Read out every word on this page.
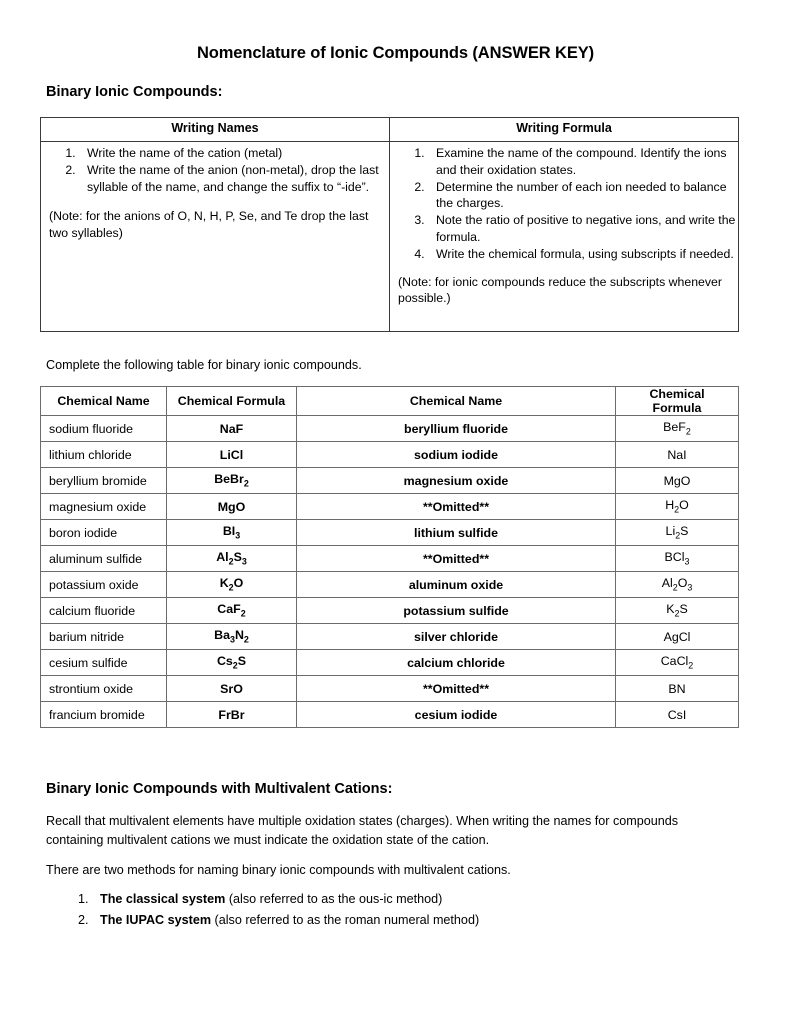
Nomenclature of Ionic Compounds (ANSWER KEY)
Binary Ionic Compounds:
Writing Names	Writing Formula

1. Write the name of the cation (metal)
2. Write the name of the anion (non-metal), drop the last syllable of the name, and change the suffix to “-ide”.
(Note: for the anions of O, N, H, P, Se, and Te drop the last two syllables)

1. Examine the name of the compound. Identify the ions and their oxidation states.
2. Determine the number of each ion needed to balance the charges.
3. Note the ratio of positive to negative ions, and write the formula.
4. Write the chemical formula, using subscripts if needed.
(Note: for ionic compounds reduce the subscripts whenever possible.)
Complete the following table for binary ionic compounds.
Chemical Name	Chemical Formula	Chemical Name	Chemical Formula
sodium fluoride	NaF	beryllium fluoride	BeF$_2$
lithium chloride	LiCl	sodium iodide	NaI
beryllium bromide	BeBr$_2$	magnesium oxide	MgO
magnesium oxide	MgO	**Omitted**	$H_2O$
boron iodide	$BI_3$	lithium sulfide	$Li_2S$
aluminum sulfide	$Al_2S_3$	**Omitted**	BCl$_3$
potassium oxide	$K_2O$	aluminum oxide	$Al_2O_3$
calcium fluoride	CaF$_2$	potassium sulfide	$K_2S$
barium nitride	$Ba_3N_2$	silver chloride	AgCl
cesium sulfide	$Cs_2S$	calcium chloride	CaCl$_2$
strontium oxide	SrO	**Omitted**	BN
francium bromide	FrBr	cesium iodide	CsI
Binary Ionic Compounds with Multivalent Cations:
Recall that multivalent elements have multiple oxidation states (charges). When writing the names for compounds containing multivalent cations we must indicate the oxidation state of the cation.
There are two methods for naming binary ionic compounds with multivalent cations.
1. The classical system (also referred to as the ous-ic method)
2. The IUPAC system (also referred to as the roman numeral method)
